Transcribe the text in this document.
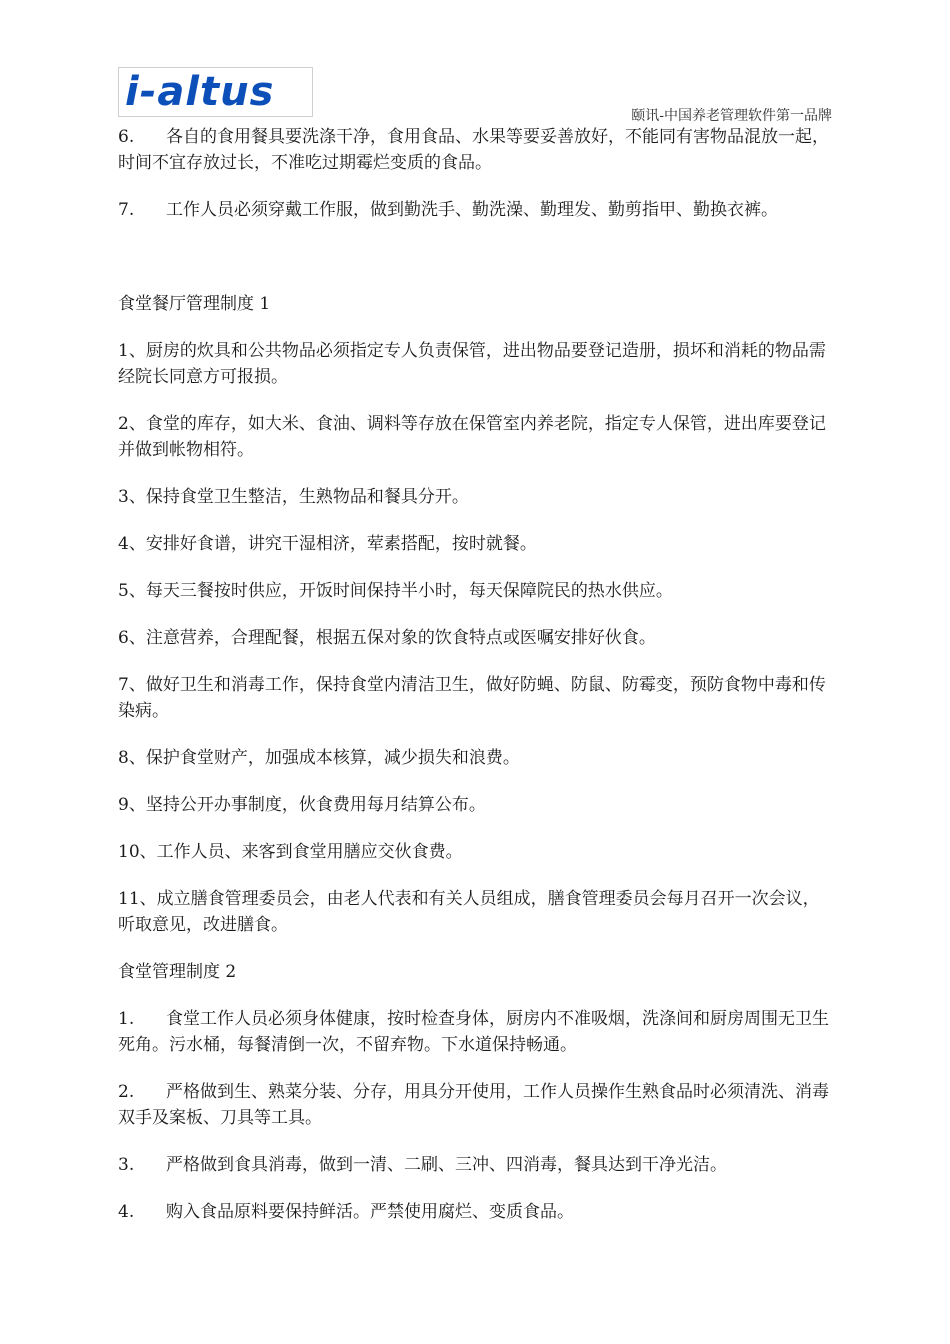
i-altus
颐讯-中国养老管理软件第一品牌

6. 各自的食用餐具要洗涤干净，食用食品、水果等要妥善放好，不能同有害物品混放一起，时间不宜存放过长，不准吃过期霉烂变质的食品。

7. 工作人员必须穿戴工作服，做到勤洗手、勤洗澡、勤理发、勤剪指甲、勤换衣裤。

食堂餐厅管理制度 1

1、厨房的炊具和公共物品必须指定专人负责保管，进出物品要登记造册，损坏和消耗的物品需经院长同意方可报损。

2、食堂的库存，如大米、食油、调料等存放在保管室内养老院，指定专人保管，进出库要登记并做到帐物相符。

3、保持食堂卫生整洁，生熟物品和餐具分开。

4、安排好食谱，讲究干湿相济，荤素搭配，按时就餐。

5、每天三餐按时供应，开饭时间保持半小时，每天保障院民的热水供应。

6、注意营养，合理配餐，根据五保对象的饮食特点或医嘱安排好伙食。

7、做好卫生和消毒工作，保持食堂内清洁卫生，做好防蝇、防鼠、防霉变，预防食物中毒和传染病。

8、保护食堂财产，加强成本核算，减少损失和浪费。

9、坚持公开办事制度，伙食费用每月结算公布。

10、工作人员、来客到食堂用膳应交伙食费。

11、成立膳食管理委员会，由老人代表和有关人员组成，膳食管理委员会每月召开一次会议，听取意见，改进膳食。

食堂管理制度 2

1. 食堂工作人员必须身体健康，按时检查身体，厨房内不准吸烟，洗涤间和厨房周围无卫生死角。污水桶，每餐清倒一次，不留弃物。下水道保持畅通。

2. 严格做到生、熟菜分装、分存，用具分开使用，工作人员操作生熟食品时必须清洗、消毒双手及案板、刀具等工具。

3. 严格做到食具消毒，做到一清、二刷、三冲、四消毒，餐具达到干净光洁。

4. 购入食品原料要保持鲜活。严禁使用腐烂、变质食品。
